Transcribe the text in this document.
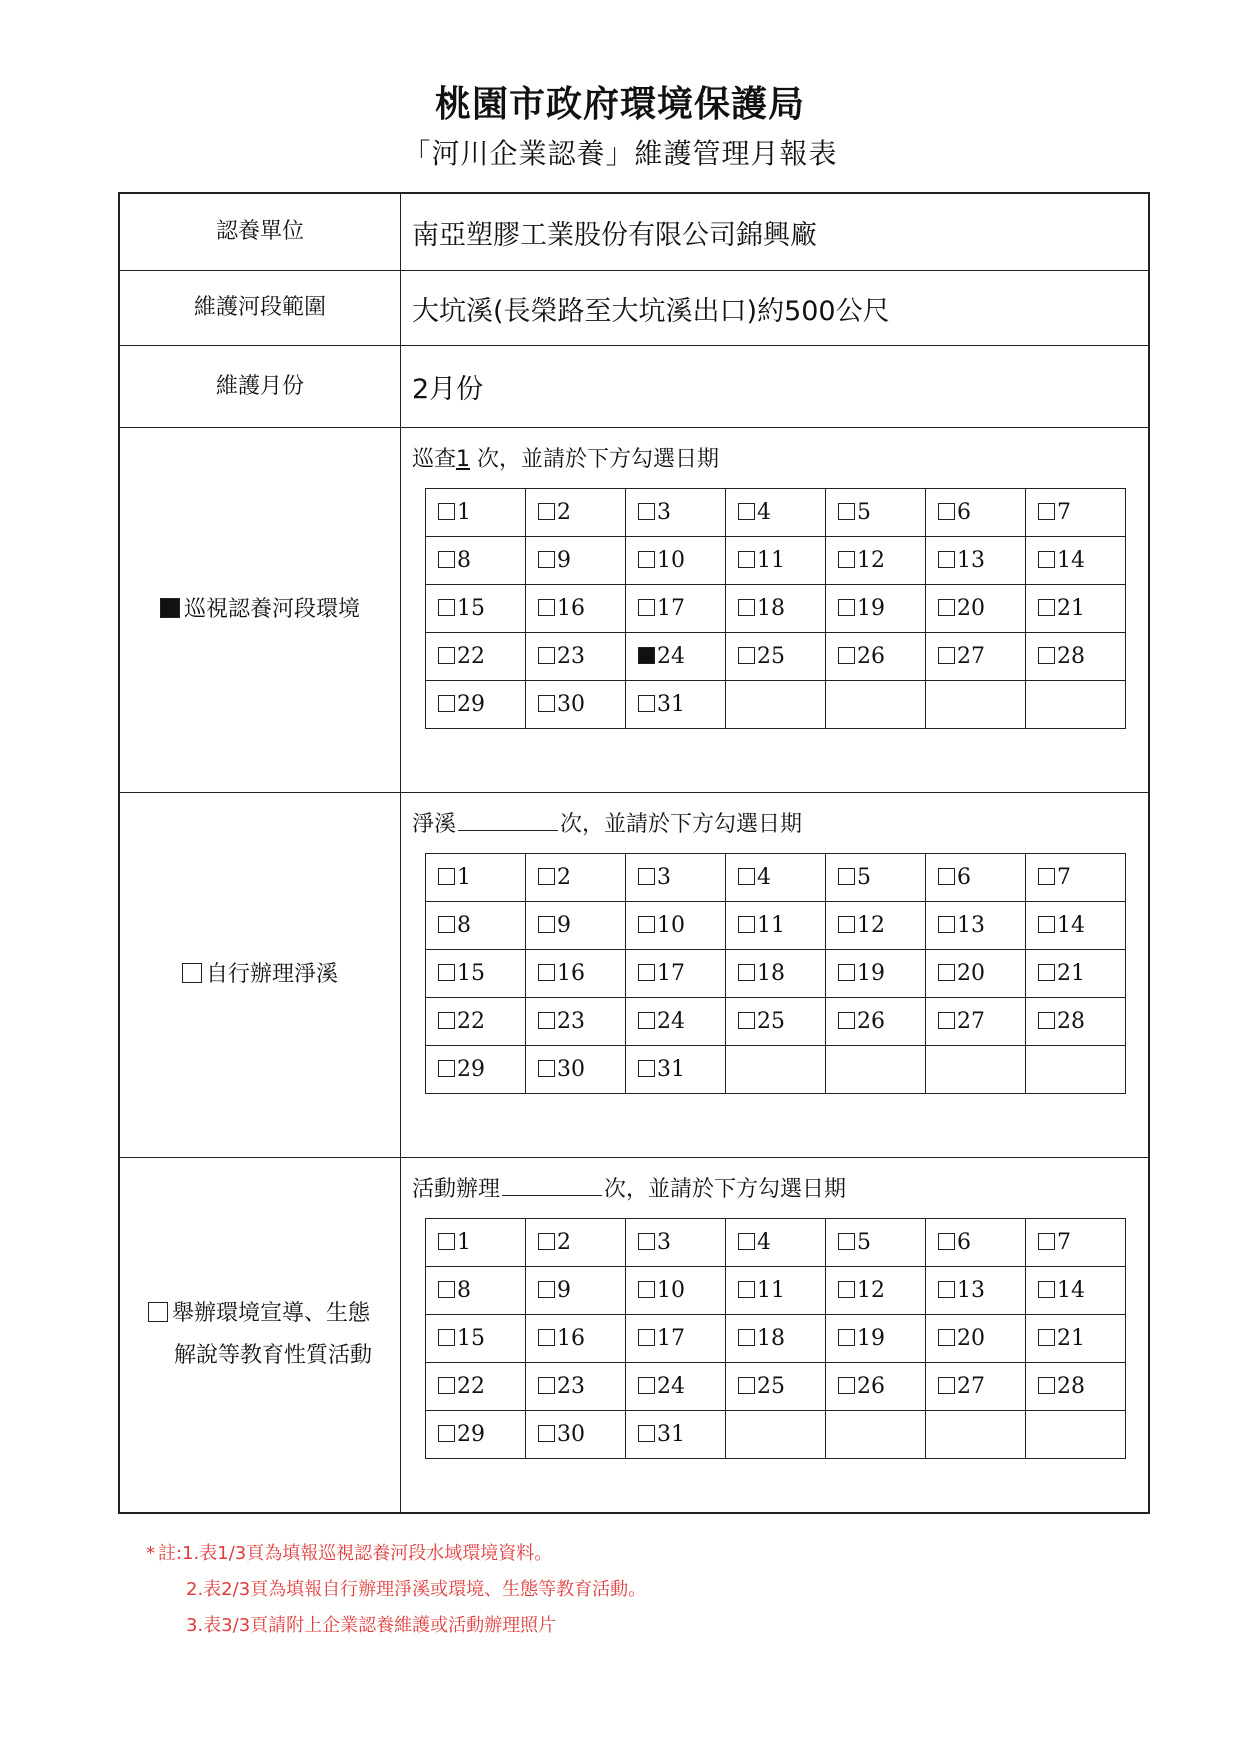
桃園市政府環境保護局
「河川企業認養」維護管理月報表
認養單位	南亞塑膠工業股份有限公司錦興廠
維護河段範圍	大坑溪(長榮路至大坑溪出口)約500公尺
維護月份	2月份
巡視認養河段環境
巡查1 次，並請於下方勾選日期
1	2	3	4	5	6	7
8	9	10	11	12	13	14
15	16	17	18	19	20	21
22	23	24	25	26	27	28
29	30	31				
自行辦理淨溪
淨溪	次，並請於下方勾選日期
1	2	3	4	5	6	7
8	9	10	11	12	13	14
15	16	17	18	19	20	21
22	23	24	25	26	27	28
29	30	31				
舉辦環境宣導、生態
解說等教育性質活動
活動辦理	次，並請於下方勾選日期
1	2	3	4	5	6	7
8	9	10	11	12	13	14
15	16	17	18	19	20	21
22	23	24	25	26	27	28
29	30	31				
* 註:1.表1/3頁為填報巡視認養河段水域環境資料。
2.表2/3頁為填報自行辦理淨溪或環境、生態等教育活動。
3.表3/3頁請附上企業認養維護或活動辦理照片
